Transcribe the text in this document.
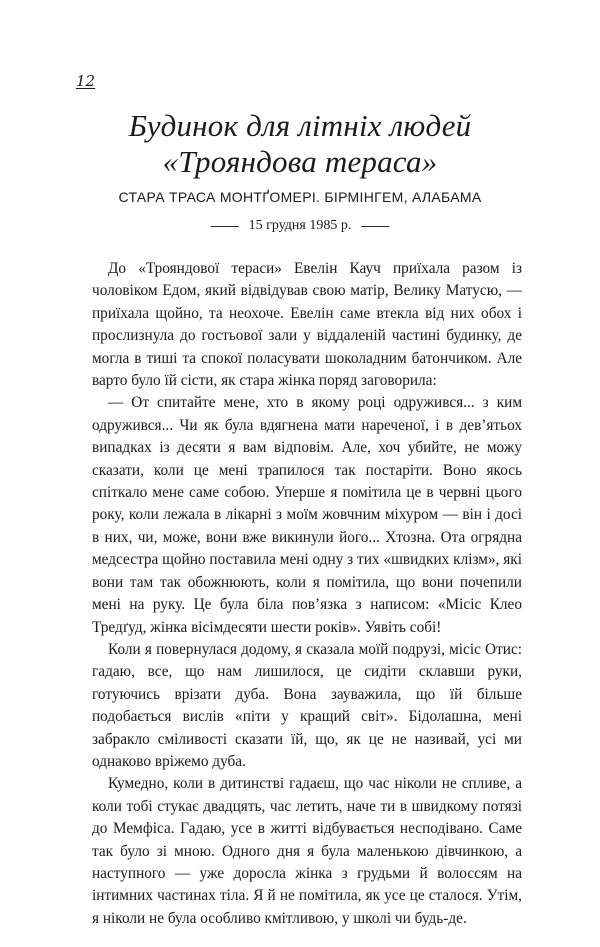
12
Будинок для літніх людей
«Трояндова тераса»
СТАРА ТРАСА МОНТҐОМЕРІ. БІРМІНГЕМ, АЛАБАМА
15 грудня 1985 р.

До «Трояндової тераси» Евелін Кауч приїхала разом із чоловіком Едом, який відвідував свою матір, Велику Матусю, — приїхала щойно, та неохоче. Евелін саме втекла від них обох і прослизнула до гостьової зали у віддаленій частині будинку, де могла в тиші та спокої поласувати шоколадним батончиком. Але варто було їй сісти, як стара жінка поряд заговорила:

— От спитайте мене, хто в якому році одружився... з ким одружився... Чи як була вдягнена мати нареченої, і в дев’ятьох випадках із десяти я вам відповім. Але, хоч убийте, не можу сказати, коли це мені трапилося так постаріти. Воно якось спіткало мене саме собою. Уперше я помітила це в червні цього року, коли лежала в лікарні з моїм жовчним міхуром — він і досі в них, чи, може, вони вже викинули його... Хтозна. Ота огрядна медсестра щойно поставила мені одну з тих «швидких клізм», які вони там так обожнюють, коли я помітила, що вони почепили мені на руку. Це була біла пов’язка з написом: «Місіс Клео Тредґуд, жінка вісімдесяти шести років». Уявіть собі!

Коли я повернулася додому, я сказала моїй подрузі, місіс Отис: гадаю, все, що нам лишилося, це сидіти склавши руки, готуючись врізати дуба. Вона зауважила, що їй більше подобається вислів «піти у кращий світ». Бідолашна, мені забракло сміливості сказати їй, що, як це не називай, усі ми однаково вріжемо дуба.

Кумедно, коли в дитинстві гадаєш, що час ніколи не спливе, а коли тобі стукає двадцять, час летить, наче ти в швидкому потязі до Мемфіса. Гадаю, усе в житті відбувається несподівано. Саме так було зі мною. Одного дня я була маленькою дівчинкою, а наступного — уже доросла жінка з грудьми й волоссям на інтимних частинах тіла. Я й не помітила, як усе це сталося. Утім, я ніколи не була особливо кмітливою, у школі чи будь-де.
